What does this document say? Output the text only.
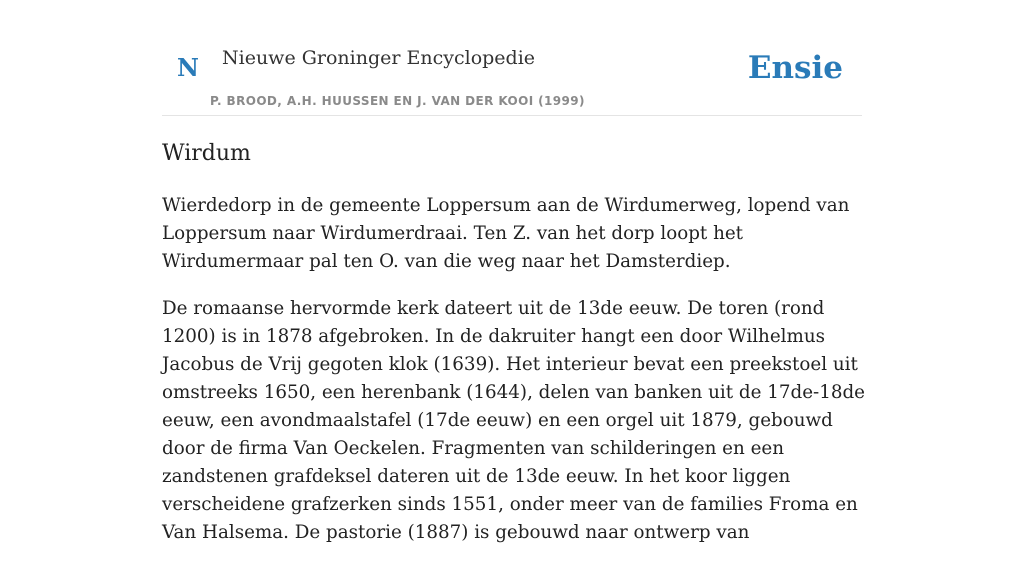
N Nieuwe Groninger Encyclopedie
P. BROOD, A.H. HUUSSEN EN J. VAN DER KOOI (1999)
Ensie
Wirdum

Wierdedorp in de gemeente Loppersum aan de Wirdumerweg, lopend van Loppersum naar Wirdumerdraai. Ten Z. van het dorp loopt het Wirdumermaar pal ten O. van die weg naar het Damsterdiep.

De romaanse hervormde kerk dateert uit de 13de eeuw. De toren (rond 1200) is in 1878 afgebroken. In de dakruiter hangt een door Wilhelmus Jacobus de Vrij gegoten klok (1639). Het interieur bevat een preekstoel uit omstreeks 1650, een herenbank (1644), delen van banken uit de 17de-18de eeuw, een avondmaalstafel (17de eeuw) en een orgel uit 1879, gebouwd door de firma Van Oeckelen. Fragmenten van schilderingen en een zandstenen grafdeksel dateren uit de 13de eeuw. In het koor liggen verscheidene grafzerken sinds 1551, onder meer van de families Froma en Van Halsema. De pastorie (1887) is gebouwd naar ontwerp van
